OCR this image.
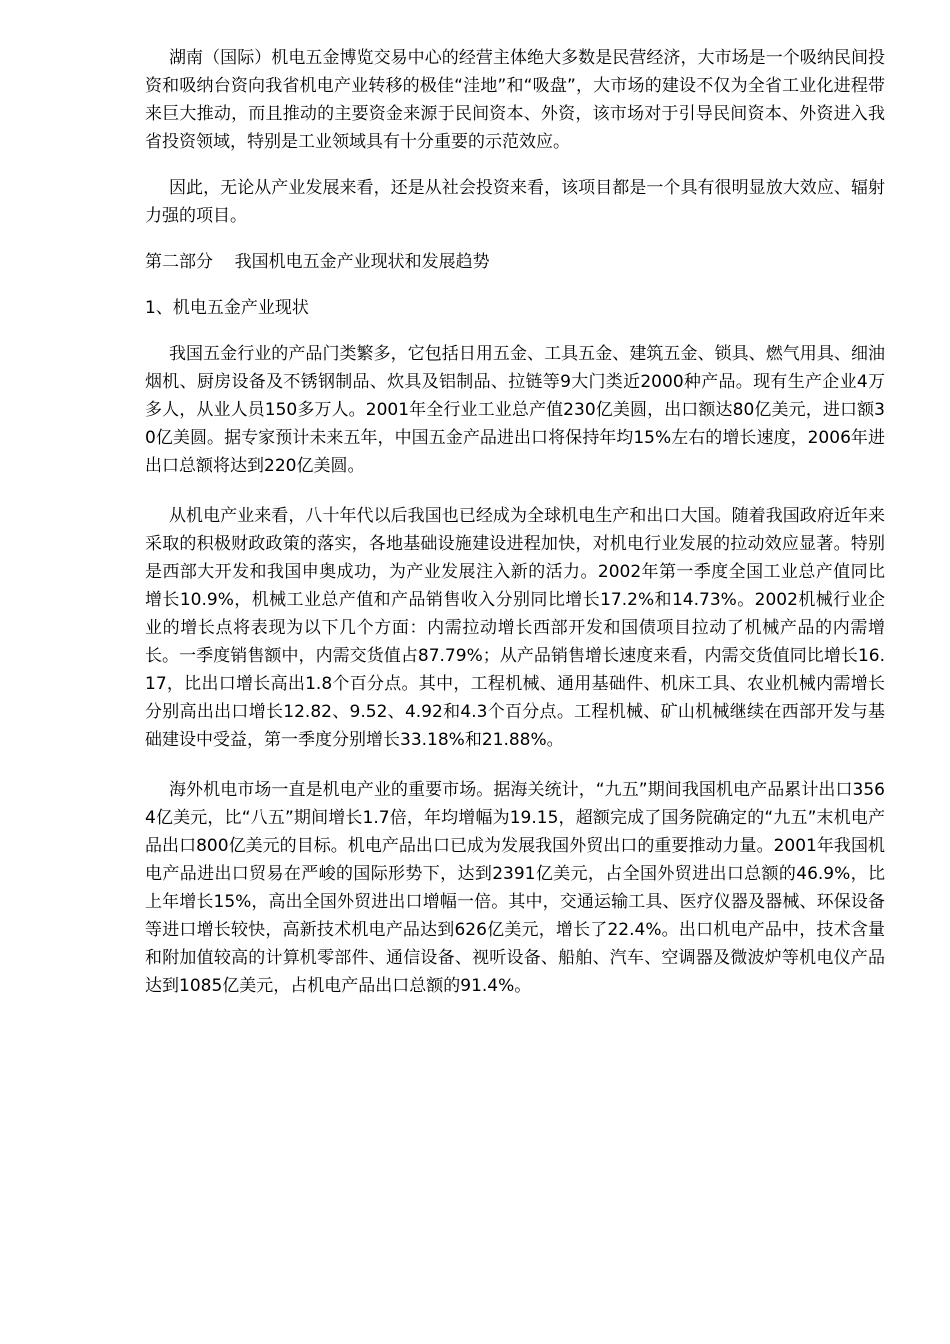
湖南（国际）机电五金博览交易中心的经营主体绝大多数是民营经济，大市场是一个吸纳民间投资和吸纳台资向我省机电产业转移的极佳“洼地”和“吸盘”，大市场的建设不仅为全省工业化进程带来巨大推动，而且推动的主要资金来源于民间资本、外资，该市场对于引导民间资本、外资进入我省投资领域，特别是工业领域具有十分重要的示范效应。

因此，无论从产业发展来看，还是从社会投资来看，该项目都是一个具有很明显放大效应、辐射力强的项目。

第二部分    我国机电五金产业现状和发展趋势

1、机电五金产业现状

我国五金行业的产品门类繁多，它包括日用五金、工具五金、建筑五金、锁具、燃气用具、细油烟机、厨房设备及不锈钢制品、炊具及铝制品、拉链等9大门类近2000种产品。现有生产企业4万多人，从业人员150多万人。2001年全行业工业总产值230亿美圆，出口额达80亿美元，进口额30亿美圆。据专家预计未来五年，中国五金产品进出口将保持年均15%左右的增长速度，2006年进出口总额将达到220亿美圆。

从机电产业来看，八十年代以后我国也已经成为全球机电生产和出口大国。随着我国政府近年来采取的积极财政政策的落实，各地基础设施建设进程加快，对机电行业发展的拉动效应显著。特别是西部大开发和我国申奥成功，为产业发展注入新的活力。2002年第一季度全国工业总产值同比增长10.9%，机械工业总产值和产品销售收入分别同比增长17.2%和14.73%。2002机械行业企业的增长点将表现为以下几个方面：内需拉动增长西部开发和国债项目拉动了机械产品的内需增长。一季度销售额中，内需交货值占87.79%；从产品销售增长速度来看，内需交货值同比增长16.17，比出口增长高出1.8个百分点。其中，工程机械、通用基础件、机床工具、农业机械内需增长分别高出出口增长12.82、9.52、4.92和4.3个百分点。工程机械、矿山机械继续在西部开发与基础建设中受益，第一季度分别增长33.18%和21.88%。

海外机电市场一直是机电产业的重要市场。据海关统计，“九五”期间我国机电产品累计出口3564亿美元，比“八五”期间增长1.7倍，年均增幅为19.15，超额完成了国务院确定的“九五”末机电产品出口800亿美元的目标。机电产品出口已成为发展我国外贸出口的重要推动力量。2001年我国机电产品进出口贸易在严峻的国际形势下，达到2391亿美元，占全国外贸进出口总额的46.9%，比上年增长15%，高出全国外贸进出口增幅一倍。其中，交通运输工具、医疗仪器及器械、环保设备等进口增长较快，高新技术机电产品达到626亿美元，增长了22.4%。出口机电产品中，技术含量和附加值较高的计算机零部件、通信设备、视听设备、船舶、汽车、空调器及微波炉等机电仪产品达到1085亿美元，占机电产品出口总额的91.4%。
